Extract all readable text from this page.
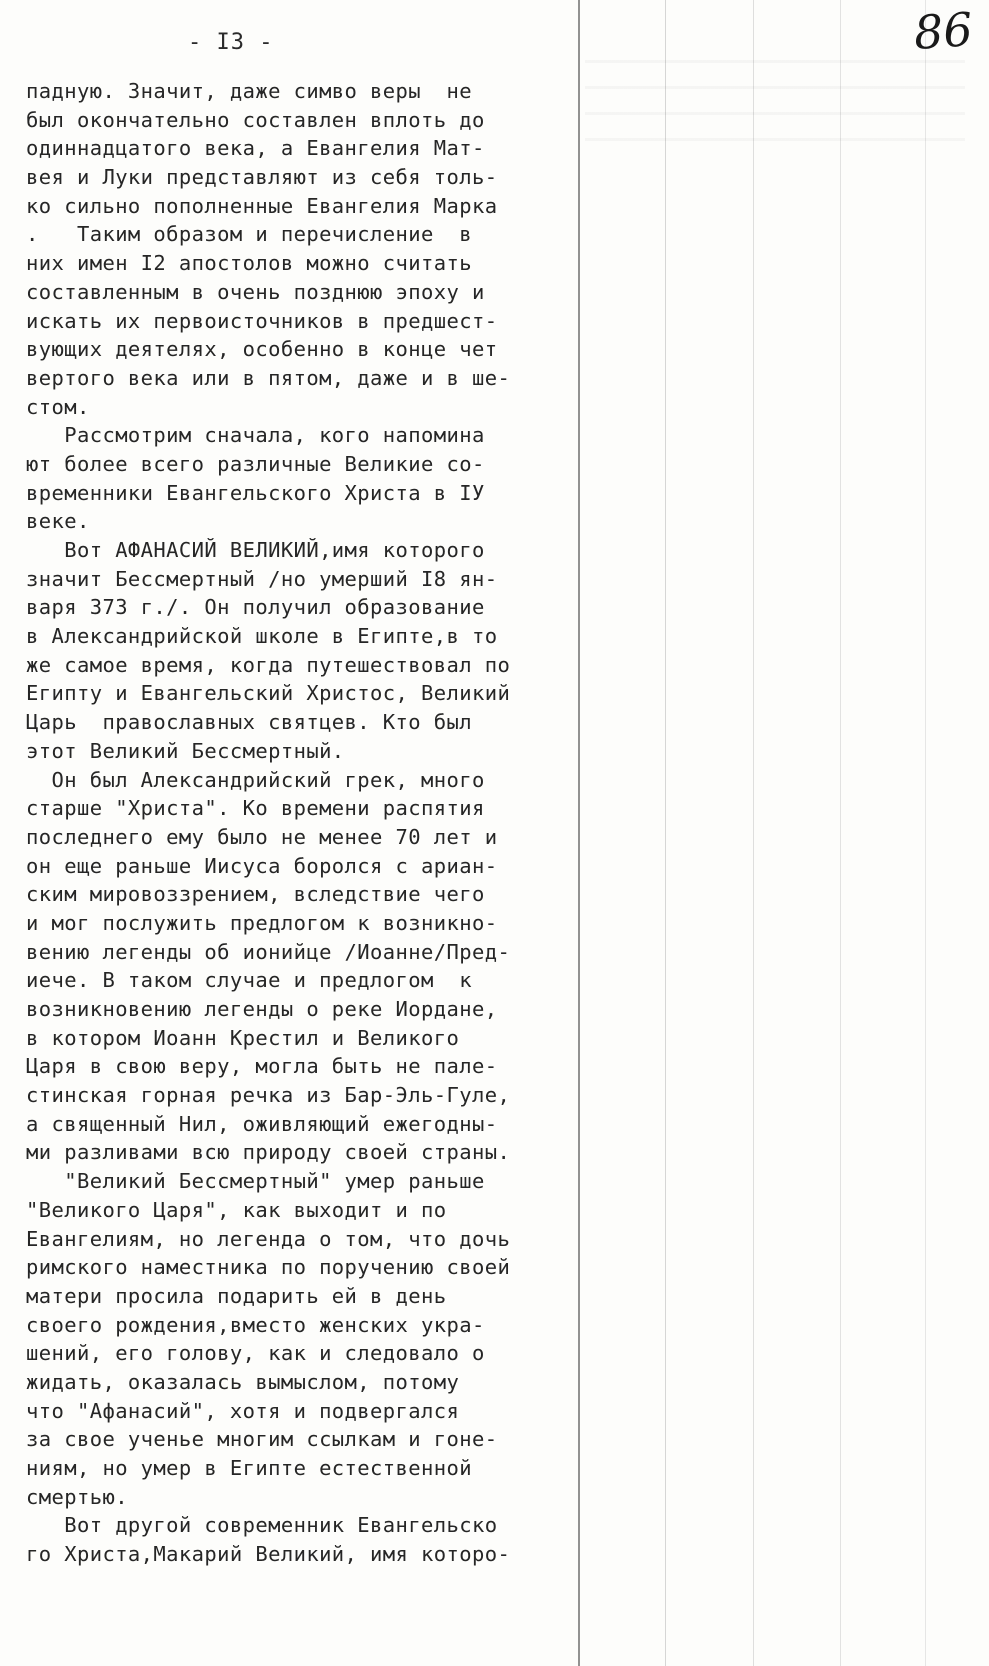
- I3 -	86
падную. Значит, даже симво веры  не
был окончательно составлен вплоть до
одиннадцатого века, а Евангелия Мат-
вея и Луки представляют из себя толь-
ко сильно пополненные Евангелия Марка
.   Таким образом и перечисление  в
них имен I2 апостолов можно считать
составленным в очень позднюю эпоху и
искать их первоисточников в предшест-
вующих деятелях, особенно в конце чет
вертого века или в пятом, даже и в ше-
стом.
Рассмотрим сначала, кого напомина
ют более всего различные Великие со-
временники Евангельского Христа в IУ
веке.
Вот АФАНАСИЙ ВЕЛИКИЙ,имя которого
значит Бессмертный /но умерший I8 ян-
варя 373 г./. Он получил образование
в Александрийской школе в Египте,в то
же самое время, когда путешествовал по
Египту и Евангельский Христос, Великий
Царь  православных святцев. Кто был
этот Великий Бессмертный.
Он был Александрийский грек, много
старше "Христа". Ко времени распятия
последнего ему было не менее 70 лет и
он еще раньше Иисуса боролся с ариан-
ским мировоззрением, вследствие чего
и мог послужить предлогом к возникно-
вению легенды об ионийце /Иоанне/Пред-
иече. В таком случае и предлогом  к
возникновению легенды о реке Иордане,
в котором Иоанн Крестил и Великого
Царя в свою веру, могла быть не пале-
стинская горная речка из Бар-Эль-Гуле,
а священный Нил, оживляющий ежегодны-
ми разливами всю природу своей страны.
"Великий Бессмертный" умер раньше
"Великого Царя", как выходит и по
Евангелиям, но легенда о том, что дочь
римского наместника по поручению своей
матери просила подарить ей в день
своего рождения,вместо женских укра-
шений, его голову, как и следовало о
жидать, оказалась вымыслом, потому
что "Афанасий", хотя и подвергался
за свое ученье многим ссылкам и гоне-
ниям, но умер в Египте естественной
смертью.
Вот другой современник Евангельско
го Христа,Макарий Великий, имя которо-
